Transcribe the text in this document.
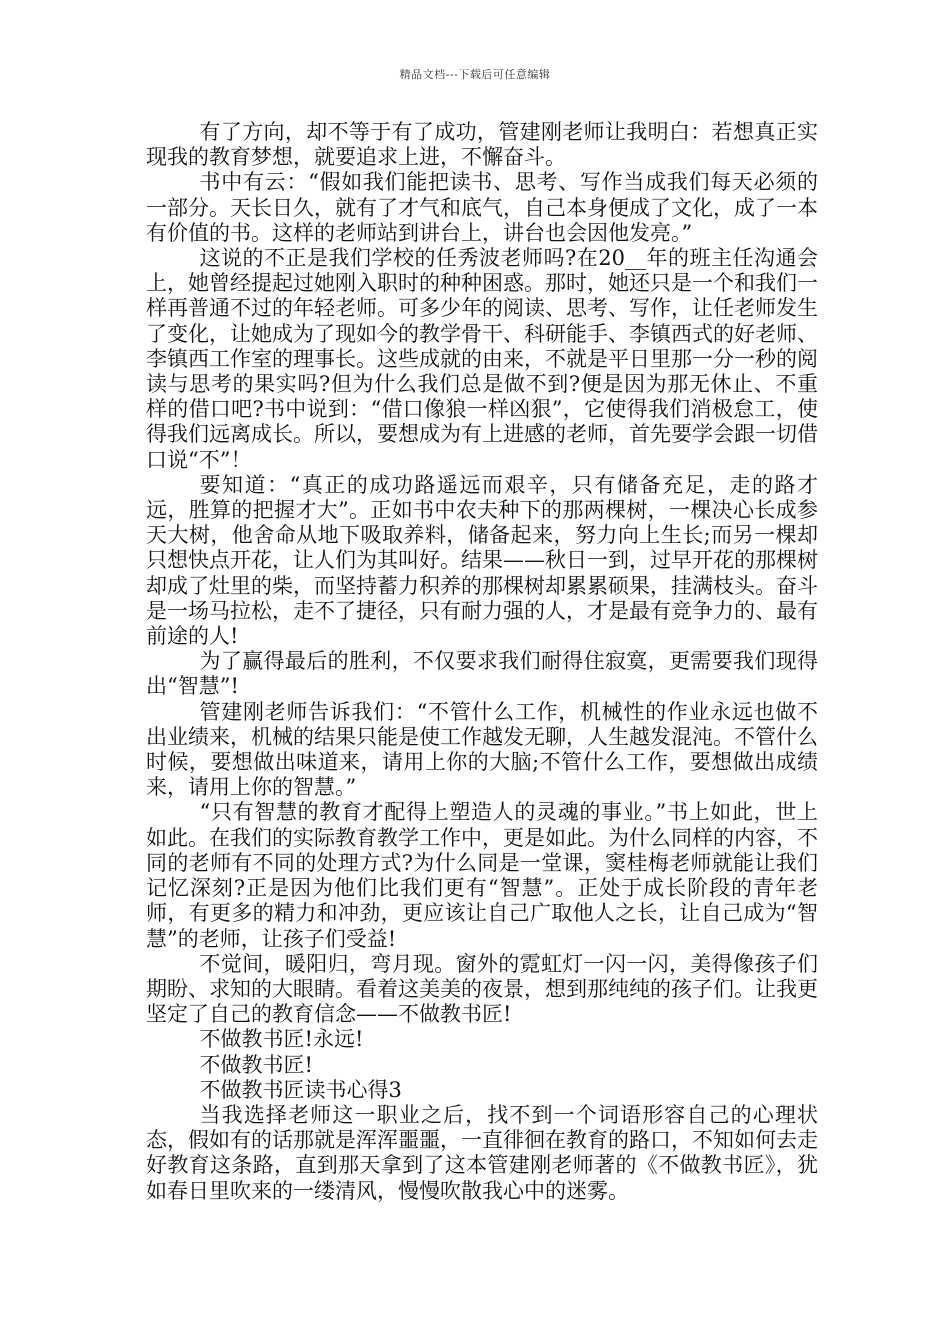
精品文档---下载后可任意编辑

有了方向，却不等于有了成功，管建刚老师让我明白：若想真正实现我的教育梦想，就要追求上进，不懈奋斗。

书中有云：“假如我们能把读书、思考、写作当成我们每天必须的一部分。天长日久，就有了才气和底气，自己本身便成了文化，成了一本有价值的书。这样的老师站到讲台上，讲台也会因他发亮。”

这说的不正是我们学校的任秀波老师吗?在20__年的班主任沟通会上，她曾经提起过她刚入职时的种种困惑。那时，她还只是一个和我们一样再普通不过的年轻老师。可多少年的阅读、思考、写作，让任老师发生了变化，让她成为了现如今的教学骨干、科研能手、李镇西式的好老师、李镇西工作室的理事长。这些成就的由来，不就是平日里那一分一秒的阅读与思考的果实吗?但为什么我们总是做不到?便是因为那无休止、不重样的借口吧?书中说到：“借口像狼一样凶狠”，它使得我们消极怠工，使得我们远离成长。所以，要想成为有上进感的老师，首先要学会跟一切借口说“不”！

要知道：“真正的成功路遥远而艰辛，只有储备充足，走的路才远，胜算的把握才大”。正如书中农夫种下的那两棵树，一棵决心长成参天大树，他舍命从地下吸取养料，储备起来，努力向上生长;而另一棵却只想快点开花，让人们为其叫好。结果——秋日一到，过早开花的那棵树却成了灶里的柴，而坚持蓄力积养的那棵树却累累硕果，挂满枝头。奋斗是一场马拉松，走不了捷径，只有耐力强的人，才是最有竞争力的、最有前途的人!

为了赢得最后的胜利，不仅要求我们耐得住寂寞，更需要我们现得出“智慧”!

管建刚老师告诉我们：“不管什么工作，机械性的作业永远也做不出业绩来，机械的结果只能是使工作越发无聊，人生越发混沌。不管什么时候，要想做出味道来，请用上你的大脑;不管什么工作，要想做出成绩来，请用上你的智慧。”

“只有智慧的教育才配得上塑造人的灵魂的事业。”书上如此，世上如此。在我们的实际教育教学工作中，更是如此。为什么同样的内容，不同的老师有不同的处理方式?为什么同是一堂课，窦桂梅老师就能让我们记忆深刻?正是因为他们比我们更有“智慧”。正处于成长阶段的青年老师，有更多的精力和冲劲，更应该让自己广取他人之长，让自己成为“智慧”的老师，让孩子们受益!

不觉间，暖阳归，弯月现。窗外的霓虹灯一闪一闪，美得像孩子们期盼、求知的大眼睛。看着这美美的夜景，想到那纯纯的孩子们。让我更坚定了自己的教育信念——不做教书匠!

不做教书匠!永远!

不做教书匠!

不做教书匠读书心得3

当我选择老师这一职业之后，找不到一个词语形容自己的心理状态，假如有的话那就是浑浑噩噩，一直徘徊在教育的路口，不知如何去走好教育这条路，直到那天拿到了这本管建刚老师著的《不做教书匠》，犹如春日里吹来的一缕清风，慢慢吹散我心中的迷雾。
